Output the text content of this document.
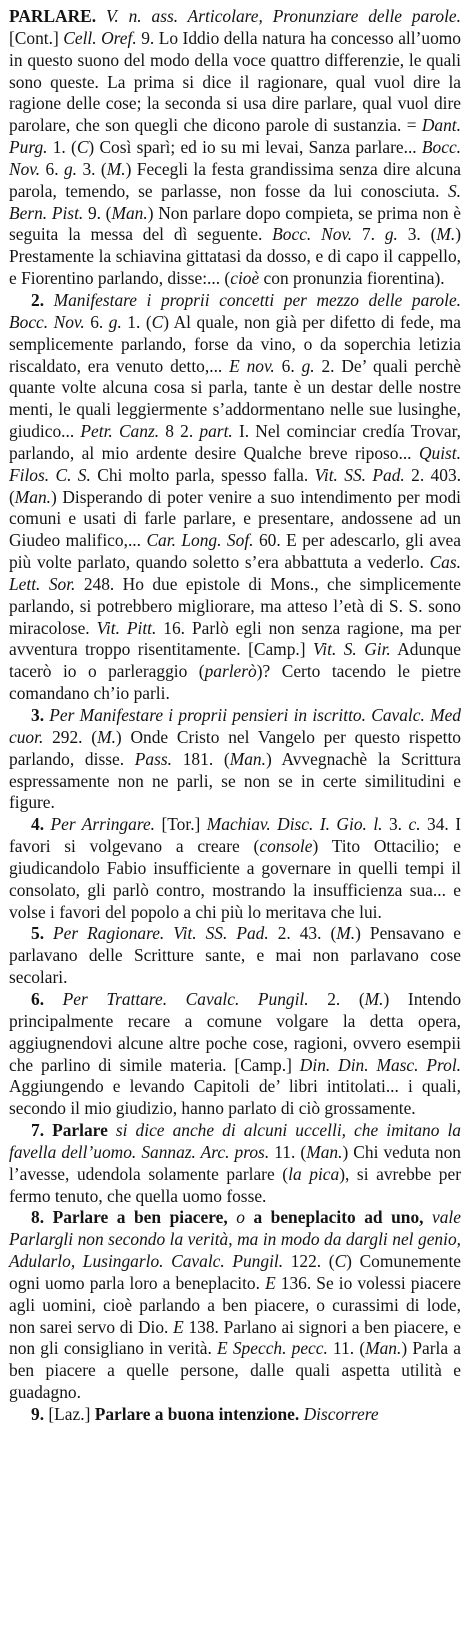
PARLARE. V. n. ass. Articolare, Pronunziare delle parole. [Cont.] Cell. Oref. 9. Lo Iddio della natura ha concesso all’uomo in questo suono del modo della voce quattro differenzie, le quali sono queste. La prima si dice il ragionare, qual vuol dire la ragione delle cose; la seconda si usa dire parlare, qual vuol dire parolare, che son quegli che dicono parole di sustanzia. = Dant. Purg. 1. (C) Così sparì; ed io su mi levai, Sanza parlare... Bocc. Nov. 6. g. 3. (M.) Fecegli la festa grandissima senza dire alcuna parola, temendo, se parlasse, non fosse da lui conosciuta. S. Bern. Pist. 9. (Man.) Non parlare dopo compieta, se prima non è seguita la messa del dì seguente. Bocc. Nov. 7. g. 3. (M.) Prestamente la schiavina gittatasi da dosso, e di capo il cappello, e Fiorentino parlando, disse:... (cioè con pronunzia fiorentina).

2. Manifestare i proprii concetti per mezzo delle parole. Bocc. Nov. 6. g. 1. (C) Al quale, non già per difetto di fede, ma semplicemente parlando, forse da vino, o da soperchia letizia riscaldato, era venuto detto,... E nov. 6. g. 2. De’ quali perchè quante volte alcuna cosa si parla, tante è un destar delle nostre menti, le quali leggiermente s’addormentano nelle sue lusinghe, giudico... Petr. Canz. 8 2. part. I. Nel cominciar credía Trovar, parlando, al mio ardente desire Qualche breve riposo... Quist. Filos. C. S. Chi molto parla, spesso falla. Vit. SS. Pad. 2. 403. (Man.) Disperando di poter venire a suo intendimento per modi comuni e usati di farle parlare, e presentare, andossene ad un Giudeo malifico,... Car. Long. Sof. 60. E per adescarlo, gli avea più volte parlato, quando soletto s’era abbattuta a vederlo. Cas. Lett. Sor. 248. Ho due epistole di Mons., che simplicemente parlando, si potrebbero migliorare, ma atteso l’età di S. S. sono miracolose. Vit. Pitt. 16. Parlò egli non senza ragione, ma per avventura troppo risentitamente. [Camp.] Vit. S. Gir. Adunque tacerò io o parleraggio (parlerò)? Certo tacendo le pietre comandano ch’io parli.

3. Per Manifestare i proprii pensieri in iscritto. Cavalc. Med cuor. 292. (M.) Onde Cristo nel Vangelo per questo rispetto parlando, disse. Pass. 181. (Man.) Avvegnachè la Scrittura espressamente non ne parli, se non se in certe similitudini e figure.

4. Per Arringare. [Tor.] Machiav. Disc. I. Gio. l. 3. c. 34. I favori si volgevano a creare (console) Tito Ottacilio; e giudicandolo Fabio insufficiente a governare in quelli tempi il consolato, gli parlò contro, mostrando la insufficienza sua... e volse i favori del popolo a chi più lo meritava che lui.

5. Per Ragionare. Vit. SS. Pad. 2. 43. (M.) Pensavano e parlavano delle Scritture sante, e mai non parlavano cose secolari.

6. Per Trattare. Cavalc. Pungil. 2. (M.) Intendo principalmente recare a comune volgare la detta opera, aggiugnendovi alcune altre poche cose, ragioni, ovvero esempii che parlino di simile materia. [Camp.] Din. Din. Masc. Prol. Aggiungendo e levando Capitoli de’ libri intitolati... i quali, secondo il mio giudizio, hanno parlato di ciò grossamente.

7. Parlare si dice anche di alcuni uccelli, che imitano la favella dell’uomo. Sannaz. Arc. pros. 11. (Man.) Chi veduta non l’avesse, udendola solamente parlare (la pica), si avrebbe per fermo tenuto, che quella uomo fosse.

8. Parlare a ben piacere, o a beneplacito ad uno, vale Parlargli non secondo la verità, ma in modo da dargli nel genio, Adularlo, Lusingarlo. Cavalc. Pungil. 122. (C) Comunemente ogni uomo parla loro a beneplacito. E 136. Se io volessi piacere agli uomini, cioè parlando a ben piacere, o curassimi di lode, non sarei servo di Dio. E 138. Parlano ai signori a ben piacere, e non gli consigliano in verità. E Specch. pecc. 11. (Man.) Parla a ben piacere a quelle persone, dalle quali aspetta utilità e guadagno.

9. [Laz.] Parlare a buona intenzione. Discorrere
